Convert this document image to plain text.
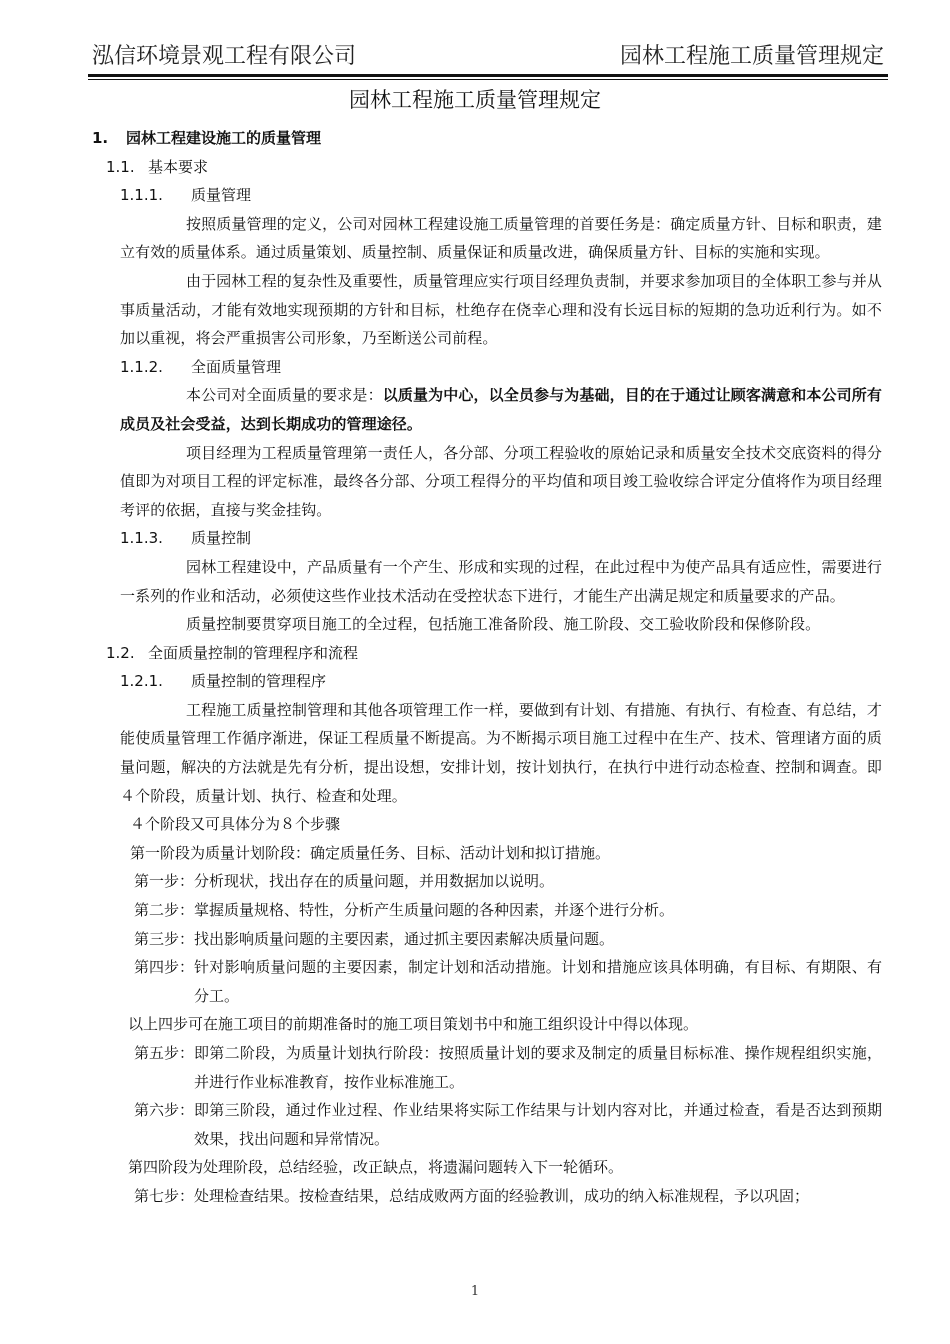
泓信环境景观工程有限公司	园林工程施工质量管理规定
园林工程施工质量管理规定
1. 园林工程建设施工的质量管理
1.1. 基本要求
1.1.1. 质量管理
按照质量管理的定义，公司对园林工程建设施工质量管理的首要任务是：确定质量方针、目标和职责，建立有效的质量体系。通过质量策划、质量控制、质量保证和质量改进，确保质量方针、目标的实施和实现。
由于园林工程的复杂性及重要性，质量管理应实行项目经理负责制，并要求参加项目的全体职工参与并从事质量活动，才能有效地实现预期的方针和目标，杜绝存在侥幸心理和没有长远目标的短期的急功近利行为。如不加以重视，将会严重损害公司形象，乃至断送公司前程。
1.1.2. 全面质量管理
本公司对全面质量的要求是：以质量为中心，以全员参与为基础，目的在于通过让顾客满意和本公司所有成员及社会受益，达到长期成功的管理途径。
项目经理为工程质量管理第一责任人，各分部、分项工程验收的原始记录和质量安全技术交底资料的得分值即为对项目工程的评定标准，最终各分部、分项工程得分的平均值和项目竣工验收综合评定分值将作为项目经理考评的依据，直接与奖金挂钩。
1.1.3. 质量控制
园林工程建设中，产品质量有一个产生、形成和实现的过程，在此过程中为使产品具有适应性，需要进行一系列的作业和活动，必须使这些作业技术活动在受控状态下进行，才能生产出满足规定和质量要求的产品。
质量控制要贯穿项目施工的全过程，包括施工准备阶段、施工阶段、交工验收阶段和保修阶段。
1.2. 全面质量控制的管理程序和流程
1.2.1. 质量控制的管理程序
工程施工质量控制管理和其他各项管理工作一样，要做到有计划、有措施、有执行、有检查、有总结，才能使质量管理工作循序渐进，保证工程质量不断提高。为不断揭示项目施工过程中在生产、技术、管理诸方面的质量问题，解决的方法就是先有分析，提出设想，安排计划，按计划执行，在执行中进行动态检查、控制和调查。即４个阶段，质量计划、执行、检查和处理。
４个阶段又可具体分为８个步骤
第一阶段为质量计划阶段：确定质量任务、目标、活动计划和拟订措施。
第一步： 分析现状，找出存在的质量问题，并用数据加以说明。
第二步： 掌握质量规格、特性，分析产生质量问题的各种因素，并逐个进行分析。
第三步： 找出影响质量问题的主要因素，通过抓主要因素解决质量问题。
第四步： 针对影响质量问题的主要因素，制定计划和活动措施。计划和措施应该具体明确，有目标、有期限、有分工。
以上四步可在施工项目的前期准备时的施工项目策划书中和施工组织设计中得以体现。
第五步： 即第二阶段，为质量计划执行阶段：按照质量计划的要求及制定的质量目标标准、操作规程组织实施，并进行作业标准教育，按作业标准施工。
第六步： 即第三阶段，通过作业过程、作业结果将实际工作结果与计划内容对比，并通过检查，看是否达到预期效果，找出问题和异常情况。
第四阶段为处理阶段，总结经验，改正缺点，将遗漏问题转入下一轮循环。
第七步： 处理检查结果。按检查结果，总结成败两方面的经验教训，成功的纳入标准规程，予以巩固；
1
